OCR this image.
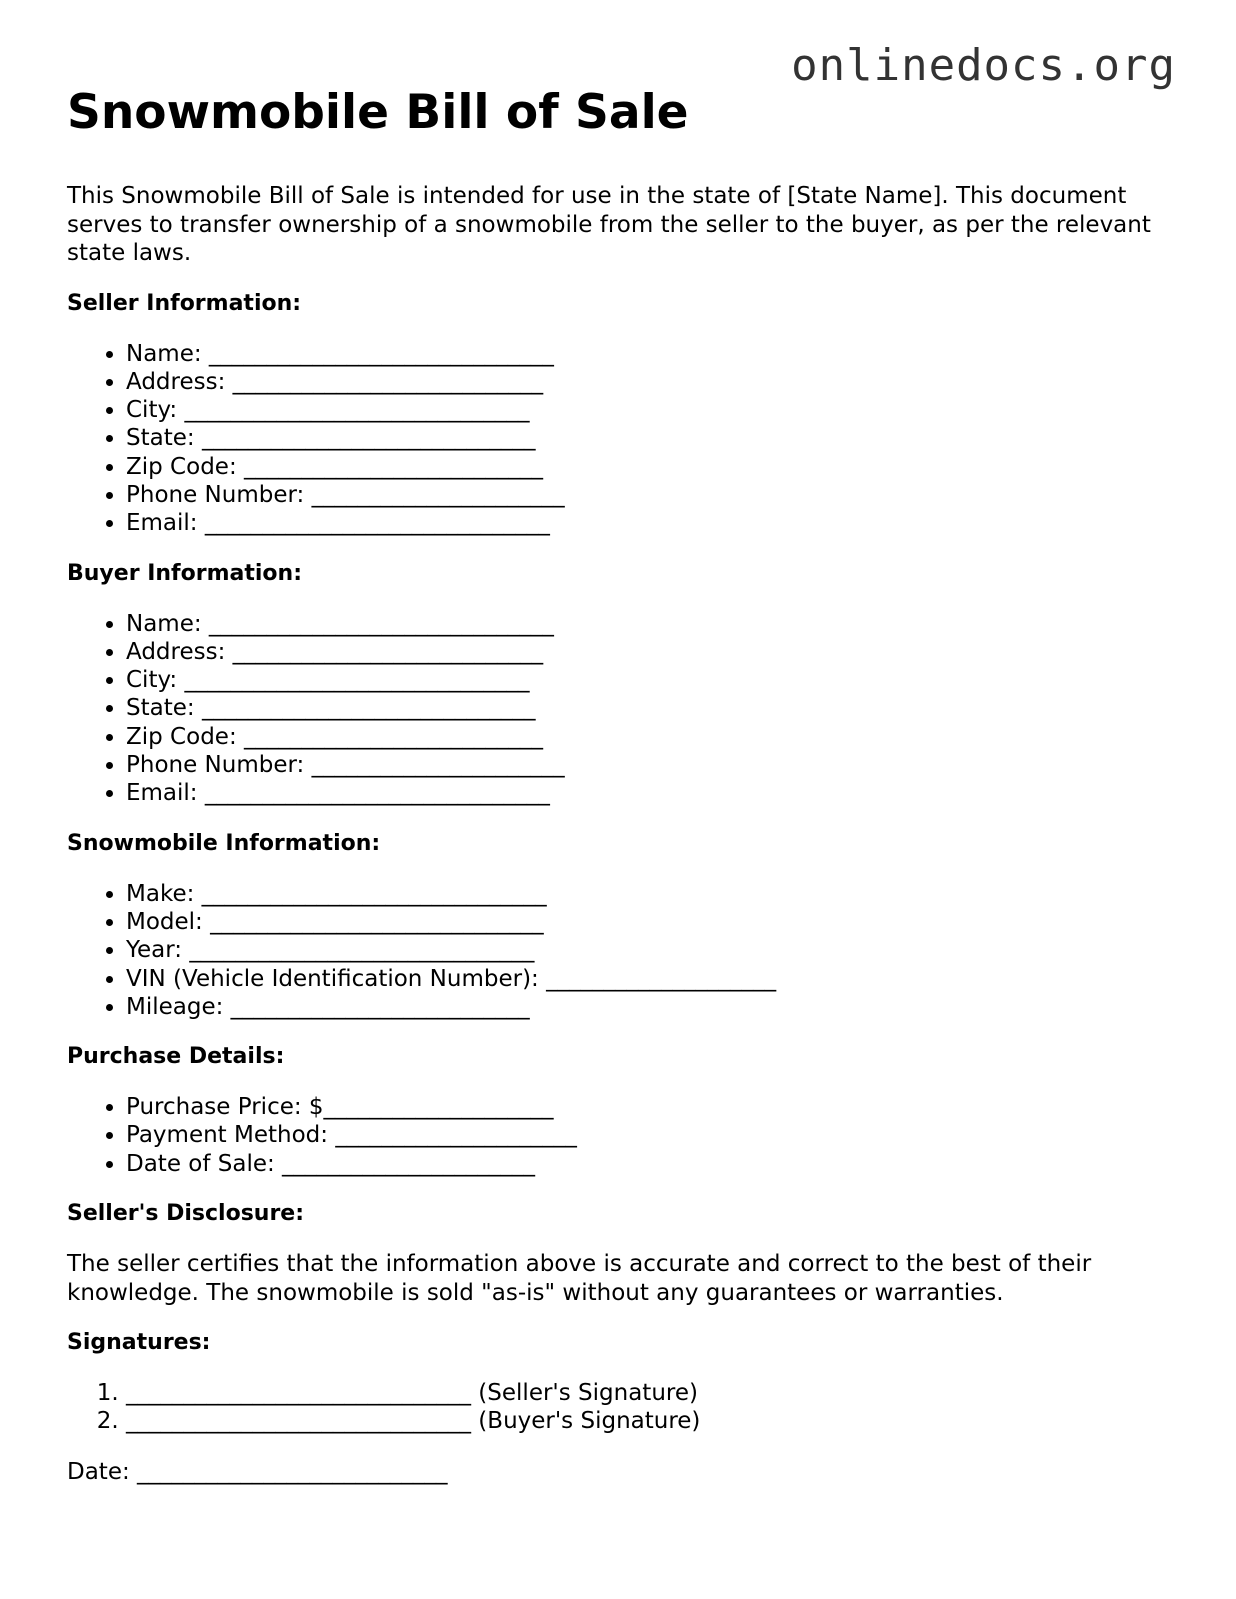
onlinedocs.org
Snowmobile Bill of Sale

This Snowmobile Bill of Sale is intended for use in the state of [State Name]. This document serves to transfer ownership of a snowmobile from the seller to the buyer, as per the relevant state laws.

Seller Information:
• Name: ______________________________
• Address: ___________________________
• City: ______________________________
• State: _____________________________
• Zip Code: __________________________
• Phone Number: ______________________
• Email: ______________________________
Buyer Information:
• Name: ______________________________
• Address: ___________________________
• City: ______________________________
• State: _____________________________
• Zip Code: __________________________
• Phone Number: ______________________
• Email: ______________________________
Snowmobile Information:
• Make: ______________________________
• Model: _____________________________
• Year: ______________________________
• VIN (Vehicle Identification Number): ____________________
• Mileage: __________________________
Purchase Details:
• Purchase Price: $____________________
• Payment Method: _____________________
• Date of Sale: ______________________
Seller's Disclosure:

The seller certifies that the information above is accurate and correct to the best of their knowledge. The snowmobile is sold "as-is" without any guarantees or warranties.

Signatures:
1. ______________________________ (Seller's Signature)
2. ______________________________ (Buyer's Signature)

Date: ___________________________
